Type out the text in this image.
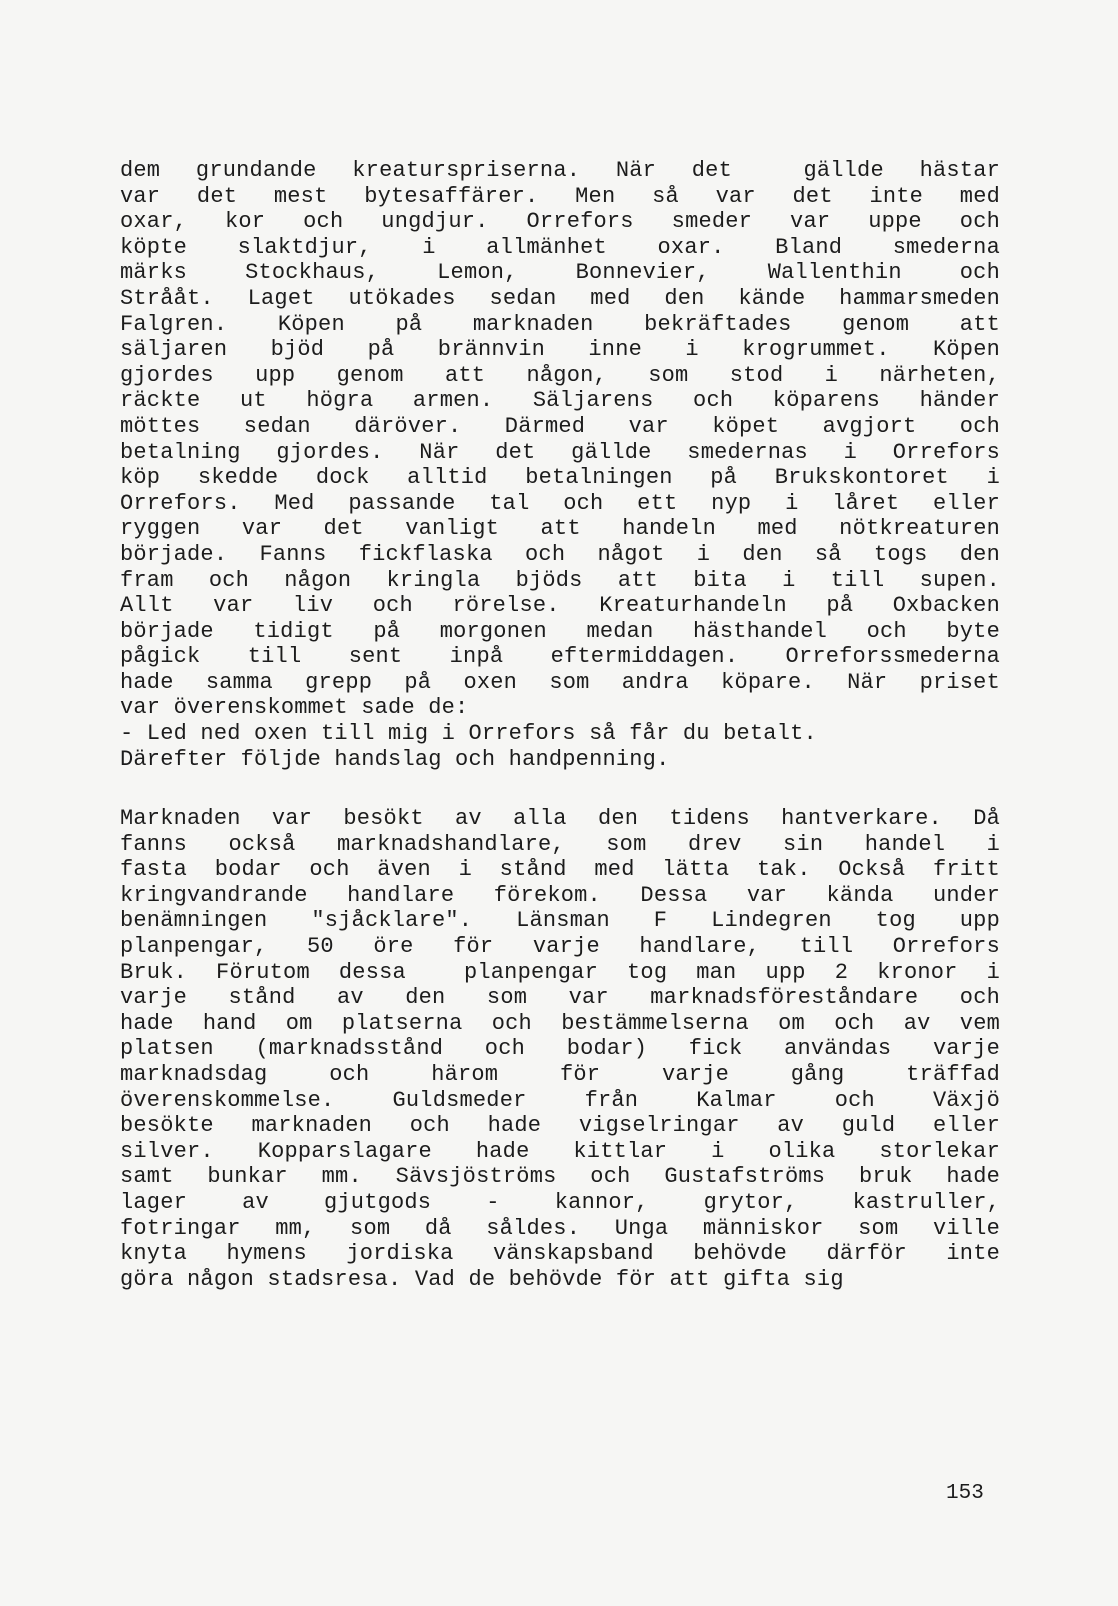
dem grundande kreaturspriserna. När det  gällde hästar
var det mest bytesaffärer. Men så var det inte med
oxar, kor och ungdjur. Orrefors smeder var uppe och
köpte slaktdjur, i allmänhet oxar. Bland smederna
märks Stockhaus, Lemon, Bonnevier, Wallenthin och
Strååt. Laget utökades sedan med den kände hammarsmeden
Falgren. Köpen på marknaden bekräftades genom att
säljaren bjöd på brännvin inne i krogrummet. Köpen
gjordes upp genom att någon, som stod i närheten,
räckte ut högra armen. Säljarens och köparens händer
möttes sedan däröver. Därmed var köpet avgjort och
betalning gjordes. När det gällde smedernas i Orrefors
köp skedde dock alltid betalningen på Brukskontoret i
Orrefors. Med passande tal och ett nyp i låret eller
ryggen var det vanligt att handeln med nötkreaturen
började. Fanns fickflaska och något i den så togs den
fram och någon kringla bjöds att bita i till supen.
Allt var liv och rörelse. Kreaturhandeln på Oxbacken
började tidigt på morgonen medan hästhandel och byte
pågick till sent inpå eftermiddagen. Orreforssmederna
hade samma grepp på oxen som andra köpare. När priset
var överenskommet sade de:
- Led ned oxen till mig i Orrefors så får du betalt.
Därefter följde handslag och handpenning.
Marknaden var besökt av alla den tidens hantverkare. Då
fanns också marknadshandlare, som drev sin handel i
fasta bodar och även i stånd med lätta tak. Också fritt
kringvandrande handlare förekom. Dessa var kända under
benämningen "sjåcklare". Länsman F Lindegren tog upp
planpengar, 50 öre för varje handlare, till Orrefors
Bruk. Förutom dessa  planpengar tog man upp 2 kronor i
varje stånd av den som var marknadsföreståndare och
hade hand om platserna och bestämmelserna om och av vem
platsen (marknadsstånd och bodar) fick användas varje
marknadsdag och härom för varje gång träffad
överenskommelse. Guldsmeder från Kalmar och Växjö
besökte marknaden och hade vigselringar av guld eller
silver. Kopparslagare hade kittlar i olika storlekar
samt bunkar mm. Sävsjöströms och Gustafströms bruk hade
lager av gjutgods - kannor, grytor, kastruller,
fotringar mm, som då såldes. Unga människor som ville
knyta hymens jordiska vänskapsband behövde därför inte
göra någon stadsresa. Vad de behövde för att gifta sig
153
